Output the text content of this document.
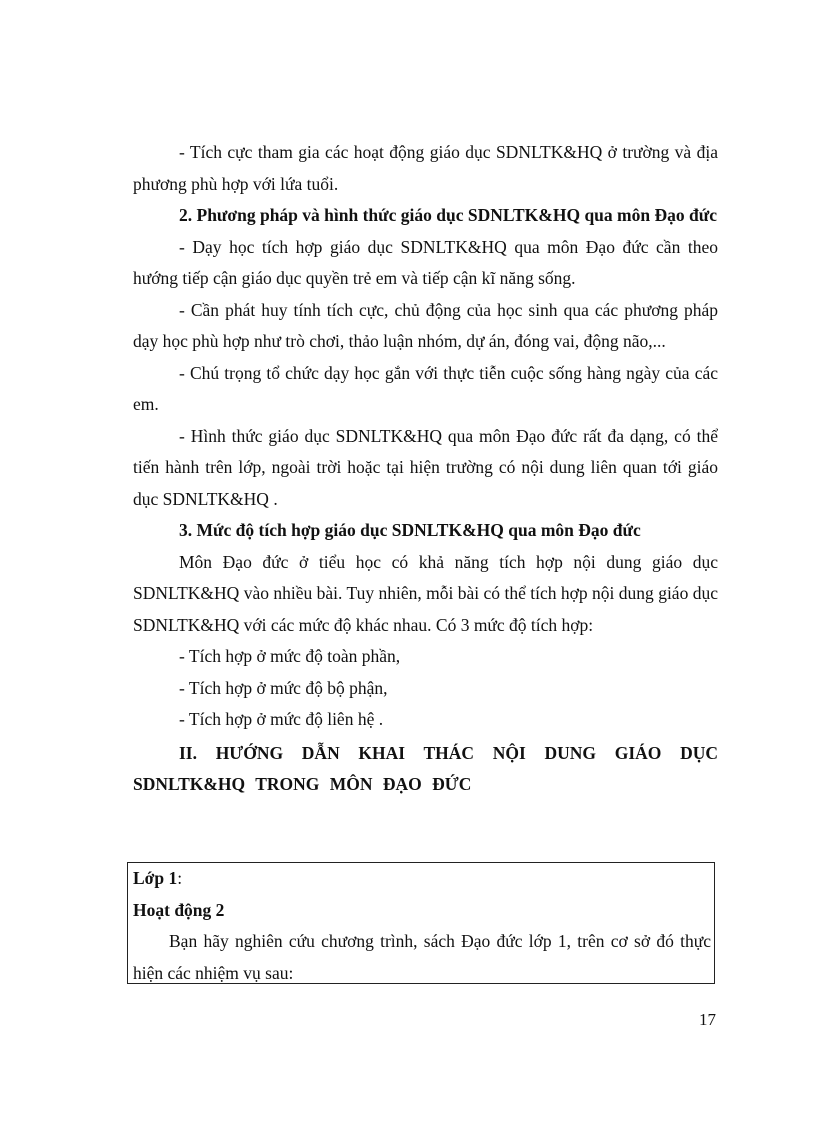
- Tích cực tham gia các hoạt động giáo dục SDNLTK&HQ ở trường và địa phương phù hợp với lứa tuổi.

2. Phương pháp và hình thức giáo dục SDNLTK&HQ qua môn Đạo đức

- Dạy học tích hợp giáo dục SDNLTK&HQ qua môn Đạo đức cần theo hướng tiếp cận giáo dục quyền trẻ em và tiếp cận kĩ năng sống.

- Cần phát huy tính tích cực, chủ động của học sinh qua các phương pháp dạy học phù hợp như trò chơi, thảo luận nhóm, dự án, đóng vai, động não,...

- Chú trọng tổ chức dạy học gắn với thực tiễn cuộc sống hàng ngày của các em.

- Hình thức giáo dục SDNLTK&HQ qua môn Đạo đức rất đa dạng, có thể tiến hành trên lớp, ngoài trời hoặc tại hiện trường có nội dung liên quan tới giáo dục SDNLTK&HQ .

3. Mức độ tích hợp giáo dục SDNLTK&HQ qua môn Đạo đức

Môn Đạo đức ở tiểu học có khả năng tích hợp nội dung giáo dục SDNLTK&HQ vào nhiều bài. Tuy nhiên, mỗi bài có thể tích hợp nội dung giáo dục SDNLTK&HQ với các mức độ khác nhau. Có 3 mức độ tích hợp:

- Tích hợp ở mức độ toàn phần,

- Tích hợp ở mức độ bộ phận,

- Tích hợp ở mức độ liên hệ .

II. HƯỚNG DẪN KHAI THÁC NỘI DUNG GIÁO DỤC SDNLTK&HQ TRONG MÔN ĐẠO ĐỨC

Lớp 1:

Hoạt động 2

Bạn hãy nghiên cứu chương trình, sách Đạo đức lớp 1, trên cơ sở đó thực hiện các nhiệm vụ sau:

17
